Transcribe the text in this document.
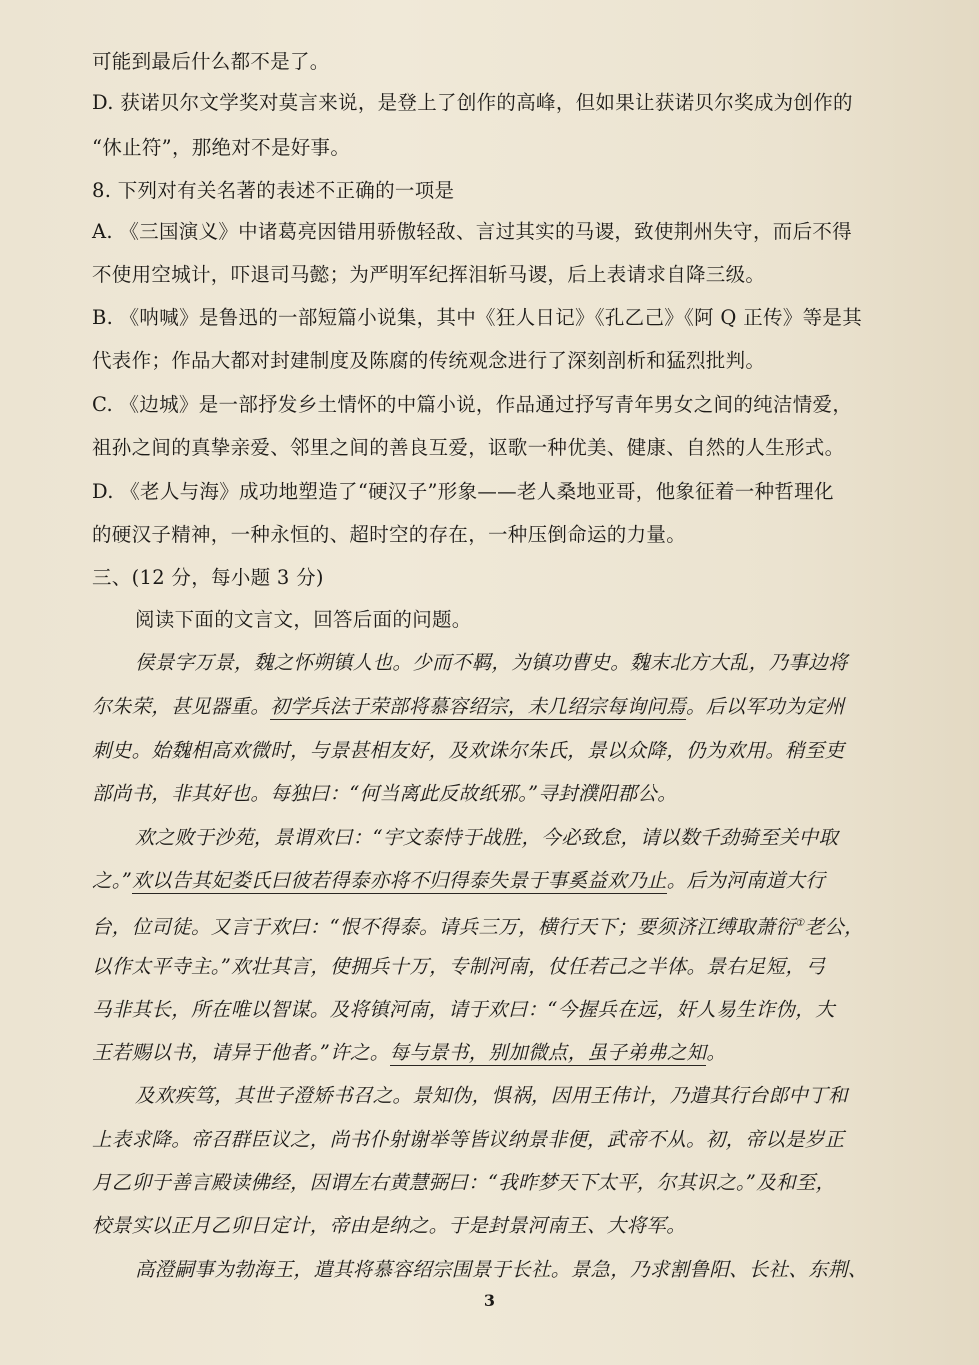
可能到最后什么都不是了。
D. 获诺贝尔文学奖对莫言来说，是登上了创作的高峰，但如果让获诺贝尔奖成为创作的
“休止符”，那绝对不是好事。
8. 下列对有关名著的表述不正确的一项是
A. 《三国演义》中诸葛亮因错用骄傲轻敌、言过其实的马谡，致使荆州失守，而后不得
不使用空城计，吓退司马懿；为严明军纪挥泪斩马谡，后上表请求自降三级。
B. 《呐喊》是鲁迅的一部短篇小说集，其中《狂人日记》《孔乙己》《阿 Q 正传》等是其
代表作；作品大都对封建制度及陈腐的传统观念进行了深刻剖析和猛烈批判。
C. 《边城》是一部抒发乡土情怀的中篇小说，作品通过抒写青年男女之间的纯洁情爱，
祖孙之间的真挚亲爱、邻里之间的善良互爱，讴歌一种优美、健康、自然的人生形式。
D. 《老人与海》成功地塑造了“硬汉子”形象——老人桑地亚哥，他象征着一种哲理化
的硬汉子精神，一种永恒的、超时空的存在，一种压倒命运的力量。
三、(12 分，每小题 3 分)
阅读下面的文言文，回答后面的问题。
侯景字万景，魏之怀朔镇人也。少而不羁，为镇功曹史。魏末北方大乱，乃事边将
尔朱荣，甚见器重。初学兵法于荣部将慕容绍宗，未几绍宗每询问焉。后以军功为定州
刺史。始魏相高欢微时，与景甚相友好，及欢诛尔朱氏，景以众降，仍为欢用。稍至吏
部尚书，非其好也。每独曰：“何当离此反故纸邪。”寻封濮阳郡公。
欢之败于沙苑，景谓欢曰：“宇文泰恃于战胜，今必致怠，请以数千劲骑至关中取
之。”欢以告其妃娄氏曰彼若得泰亦将不归得泰失景于事奚益欢乃止。后为河南道大行
台，位司徒。又言于欢曰：“恨不得泰。请兵三万，横行天下；要须济江缚取萧衍①老公，
以作太平寺主。”欢壮其言，使拥兵十万，专制河南，仗任若己之半体。景右足短，弓
马非其长，所在唯以智谋。及将镇河南，请于欢曰：“今握兵在远，奸人易生诈伪，大
王若赐以书，请异于他者。”许之。每与景书，别加微点，虽子弟弗之知。
及欢疾笃，其世子澄矫书召之。景知伪，惧祸，因用王伟计，乃遣其行台郎中丁和
上表求降。帝召群臣议之，尚书仆射谢举等皆议纳景非便，武帝不从。初，帝以是岁正
月乙卯于善言殿读佛经，因谓左右黄慧弼曰：“我昨梦天下太平，尔其识之。”及和至，
校景实以正月乙卯日定计，帝由是纳之。于是封景河南王、大将军。
高澄嗣事为勃海王，遣其将慕容绍宗围景于长社。景急，乃求割鲁阳、长社、东荆、
3
